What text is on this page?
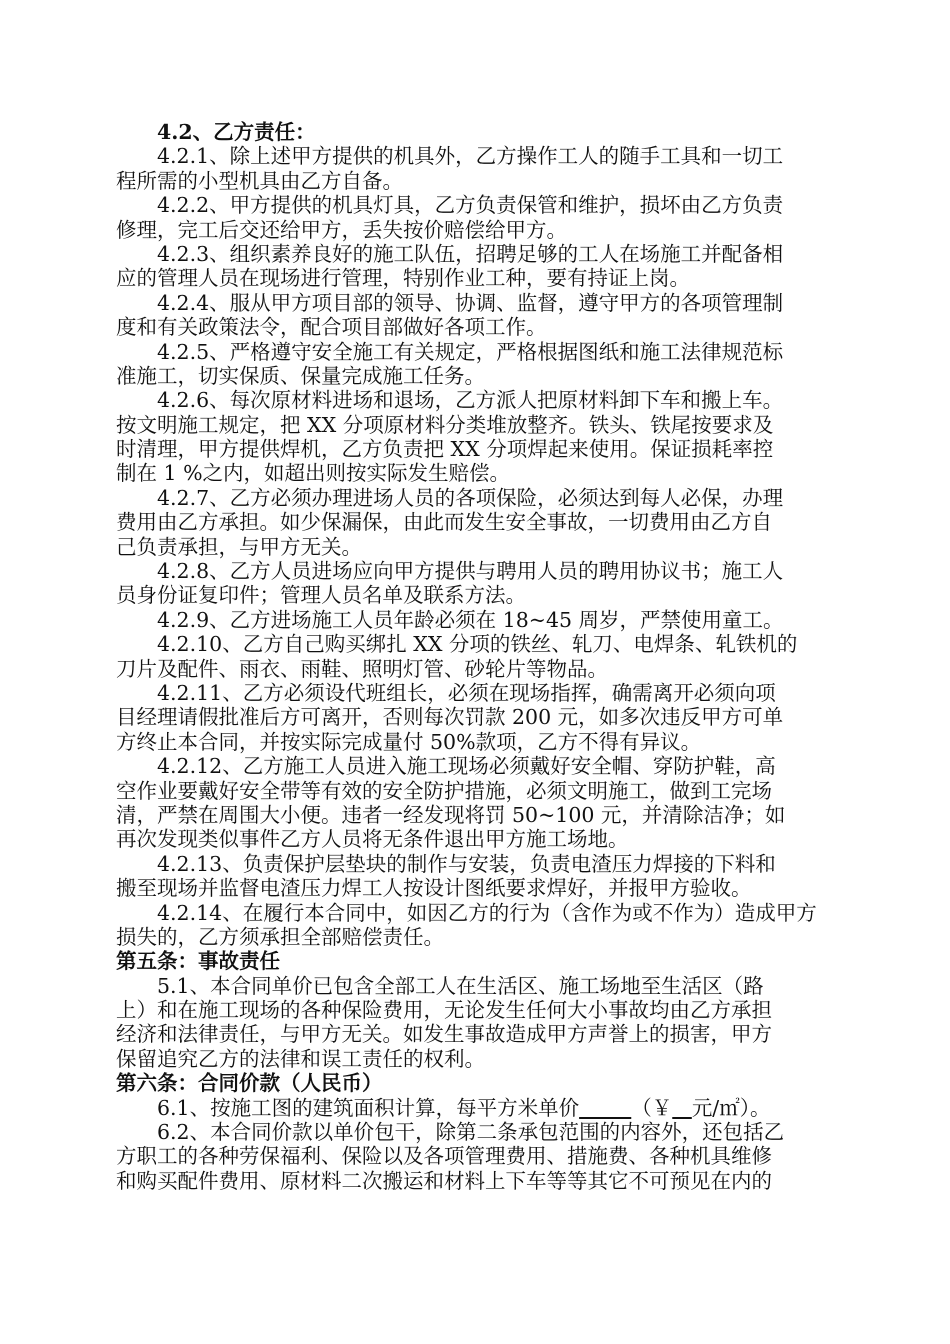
4.2、乙方责任：
4.2.1、除上述甲方提供的机具外，乙方操作工人的随手工具和一切工
程所需的小型机具由乙方自备。
4.2.2、甲方提供的机具灯具，乙方负责保管和维护，损坏由乙方负责
修理，完工后交还给甲方，丢失按价赔偿给甲方。
4.2.3、组织素养良好的施工队伍，招聘足够的工人在场施工并配备相
应的管理人员在现场进行管理，特别作业工种，要有持证上岗。
4.2.4、服从甲方项目部的领导、协调、监督，遵守甲方的各项管理制
度和有关政策法令，配合项目部做好各项工作。
4.2.5、严格遵守安全施工有关规定，严格根据图纸和施工法律规范标
准施工，切实保质、保量完成施工任务。
4.2.6、每次原材料进场和退场，乙方派人把原材料卸下车和搬上车。
按文明施工规定，把 XX 分项原材料分类堆放整齐。铁头、铁尾按要求及
时清理，甲方提供焊机，乙方负责把 XX 分项焊起来使用。保证损耗率控
制在 1 %之内，如超出则按实际发生赔偿。
4.2.7、乙方必须办理进场人员的各项保险，必须达到每人必保，办理
费用由乙方承担。如少保漏保，由此而发生安全事故，一切费用由乙方自
己负责承担，与甲方无关。
4.2.8、乙方人员进场应向甲方提供与聘用人员的聘用协议书；施工人
员身份证复印件；管理人员名单及联系方法。
4.2.9、乙方进场施工人员年龄必须在 18~45 周岁，严禁使用童工。
4.2.10、乙方自己购买绑扎 XX 分项的铁丝、轧刀、电焊条、轧铁机的
刀片及配件、雨衣、雨鞋、照明灯管、砂轮片等物品。
4.2.11、乙方必须设代班组长，必须在现场指挥，确需离开必须向项
目经理请假批准后方可离开，否则每次罚款 200 元，如多次违反甲方可单
方终止本合同，并按实际完成量付 50%款项，乙方不得有异议。
4.2.12、乙方施工人员进入施工现场必须戴好安全帽、穿防护鞋，高
空作业要戴好安全带等有效的安全防护措施，必须文明施工，做到工完场
清，严禁在周围大小便。违者一经发现将罚 50~100 元，并清除洁净；如
再次发现类似事件乙方人员将无条件退出甲方施工场地。
4.2.13、负责保护层垫块的制作与安装，负责电渣压力焊接的下料和
搬至现场并监督电渣压力焊工人按设计图纸要求焊好，并报甲方验收。
4.2.14、在履行本合同中，如因乙方的行为（含作为或不作为）造成甲方
损失的，乙方须承担全部赔偿责任。
第五条：事故责任
5.1、本合同单价已包含全部工人在生活区、施工场地至生活区（路
上）和在施工现场的各种保险费用，无论发生任何大小事故均由乙方承担
经济和法律责任，与甲方无关。如发生事故造成甲方声誉上的损害，甲方
保留追究乙方的法律和误工责任的权利。
第六条：合同价款（人民币）
6.1、按施工图的建筑面积计算，每平方米单价	（￥ 元/㎡）。
6.2、本合同价款以单价包干，除第二条承包范围的内容外，还包括乙
方职工的各种劳保福利、保险以及各项管理费用、措施费、各种机具维修
和购买配件费用、原材料二次搬运和材料上下车等等其它不可预见在内的
